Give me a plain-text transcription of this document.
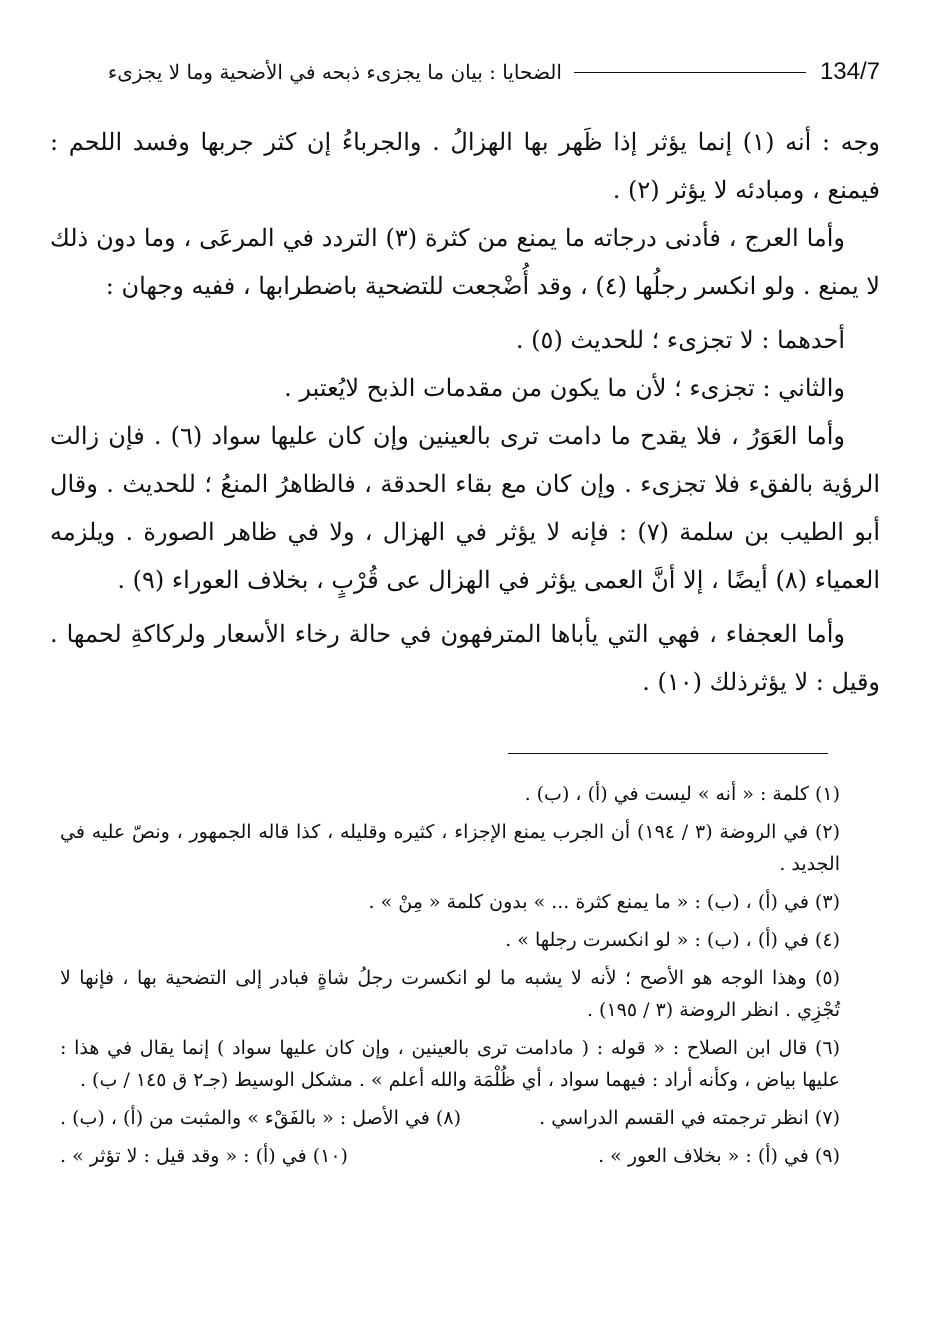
134/7
الضحايا : بيان ما يجزىء ذبحه في الأضحية وما لا يجزىء

وجه : أنه (١) إنما يؤثر إذا ظَهر بها الهزالُ . والجرباءُ إن كثر جربها وفسد اللحم : فيمنع ، ومبادئه لا يؤثر (٢) .

وأما العرج ، فأدنى درجاته ما يمنع من كثرة (٣) التردد في المرعَى ، وما دون ذلك لا يمنع . ولو انكسر رجلُها (٤) ، وقد أُضْجعت للتضحية باضطرابها ، ففيه وجهان :

أحدهما : لا تجزىء ؛ للحديث (٥) .

والثاني : تجزىء ؛ لأن ما يكون من مقدمات الذبح لايُعتبر .

وأما العَوَرُ ، فلا يقدح ما دامت ترى بالعينين وإن كان عليها سواد (٦) . فإن زالت الرؤية بالفقء فلا تجزىء . وإن كان مع بقاء الحدقة ، فالظاهرُ المنعُ ؛ للحديث . وقال أبو الطيب بن سلمة (٧) : فإنه لا يؤثر في الهزال ، ولا في ظاهر الصورة . ويلزمه العمياء (٨) أيضًا ، إلا أنَّ العمى يؤثر في الهزال عى قُرْبٍ ، بخلاف العوراء (٩) .

وأما العجفاء ، فهي التي يأباها المترفهون في حالة رخاء الأسعار ولركاكةِ لحمها . وقيل : لا يؤثرذلك (١٠) .

(١) كلمة : « أنه » ليست في (أ) ، (ب) .

(٢) في الروضة (٣ / ١٩٤) أن الجرب يمنع الإجزاء ، كثيره وقليله ، كذا قاله الجمهور ، ونصّ عليه في الجديد .

(٣) في (أ) ، (ب) : « ما يمنع كثرة ... » بدون كلمة « مِنْ » .

(٤) في (أ) ، (ب) : « لو انكسرت رجلها » .

(٥) وهذا الوجه هو الأصح ؛ لأنه لا يشبه ما لو انكسرت رجلُ شاةٍ فبادر إلى التضحية بها ، فإنها لا تُجْزِي . انظر الروضة (٣ / ١٩٥) .

(٦) قال ابن الصلاح : « قوله : ( مادامت ترى بالعينين ، وإن كان عليها سواد ) إنما يقال في هذا : عليها بياض ، وكأنه أراد : فيهما سواد ، أي ظُلْمَة والله أعلم » . مشكل الوسيط (جـ٢ ق ١٤٥ / ب) .

(٧) انظر ترجمته في القسم الدراسي .
(٨) في الأصل : « بالفَقْء » والمثبت من (أ) ، (ب) .
(٩) في (أ) : « بخلاف العور » .
(١٠) في (أ) : « وقد قيل : لا تؤثر » .
